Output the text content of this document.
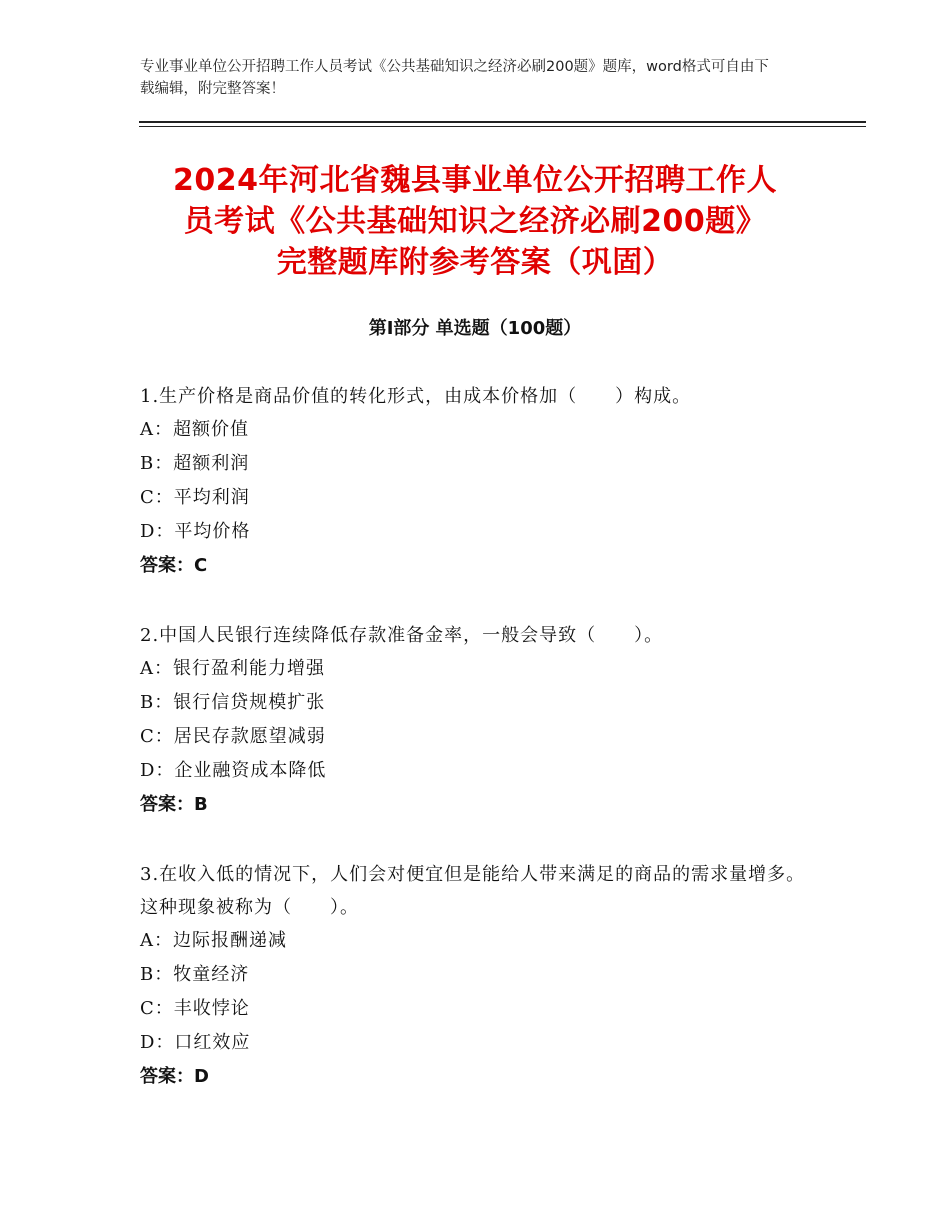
专业事业单位公开招聘工作人员考试《公共基础知识之经济必刷200题》题库，word格式可自由下载编辑，附完整答案！
2024年河北省魏县事业单位公开招聘工作人
员考试《公共基础知识之经济必刷200题》
完整题库附参考答案（巩固）
第Ⅰ部分 单选题（100题）

1.生产价格是商品价值的转化形式，由成本价格加（　　）构成。

A：超额价值

B：超额利润

C：平均利润

D：平均价格

答案：C

2.中国人民银行连续降低存款准备金率，一般会导致（　　）。

A：银行盈利能力增强

B：银行信贷规模扩张

C：居民存款愿望减弱

D：企业融资成本降低

答案：B

3.在收入低的情况下，人们会对便宜但是能给人带来满足的商品的需求量增多。这种现象被称为（　　）。

A：边际报酬递减

B：牧童经济

C：丰收悖论

D：口红效应

答案：D
